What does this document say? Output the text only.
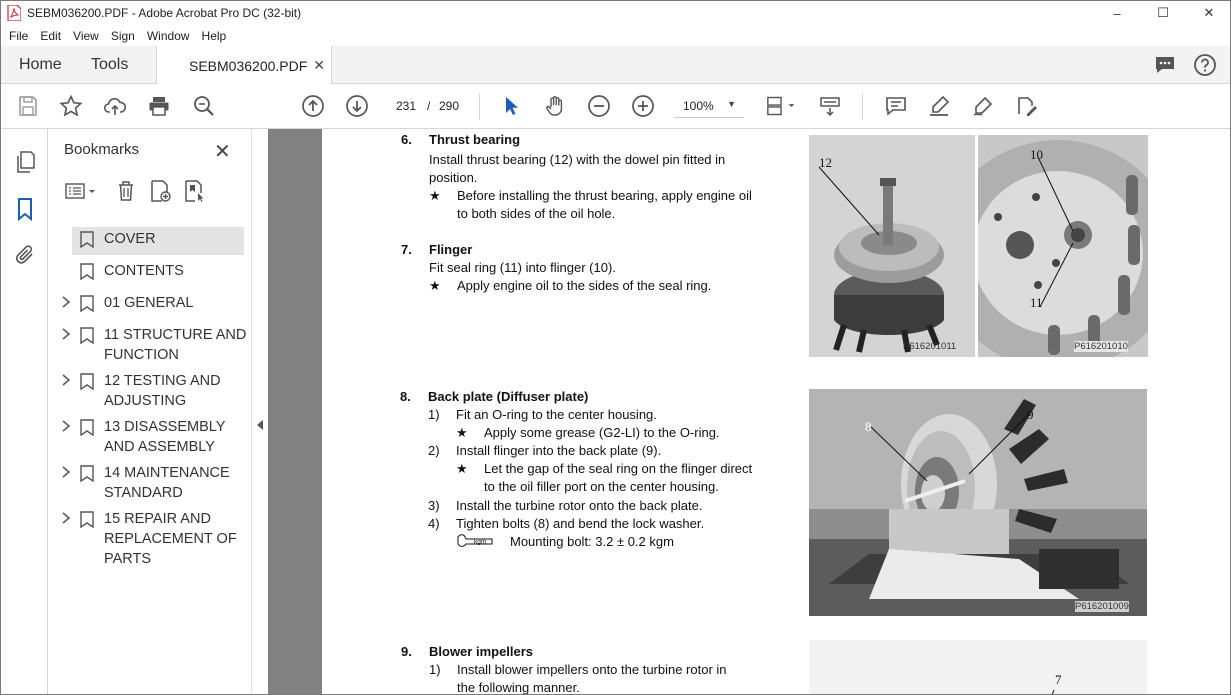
SEBM036200.PDF - Adobe Acrobat Pro DC (32-bit)	–	☐	✕
File	Edit	View	Sign	Window	Help
Home Tools	SEBM036200.PDF ✕
231 / 290	100% ▼
Bookmarks	✕
COVER
CONTENTS
01 GENERAL
11 STRUCTURE AND FUNCTION
12 TESTING AND ADJUSTING
13 DISASSEMBLY AND ASSEMBLY
14 MAINTENANCE STANDARD
15 REPAIR AND REPLACEMENT OF PARTS
6. Thrust bearing
Install thrust bearing (12) with the dowel pin fitted in
position.
★ Before installing the thrust bearing, apply engine oil
to both sides of the oil hole.
7. Flinger
Fit seal ring (11) into flinger (10).
★ Apply engine oil to the sides of the seal ring.
8. Back plate (Diffuser plate)
1) Fit an O-ring to the center housing.
★ Apply some grease (G2-LI) to the O-ring.
2) Install flinger into the back plate (9).
★ Let the gap of the seal ring on the flinger direct
to the oil filler port on the center housing.
3) Install the turbine rotor onto the back plate.
4) Tighten bolts (8) and bend the lock washer.
kgm Mounting bolt: 3.2 ± 0.2 kgm
9. Blower impellers
1) Install blower impellers onto the turbine rotor in
the following manner.
12
P616201011
10
11
P616201010
8
9
P616201009
7
